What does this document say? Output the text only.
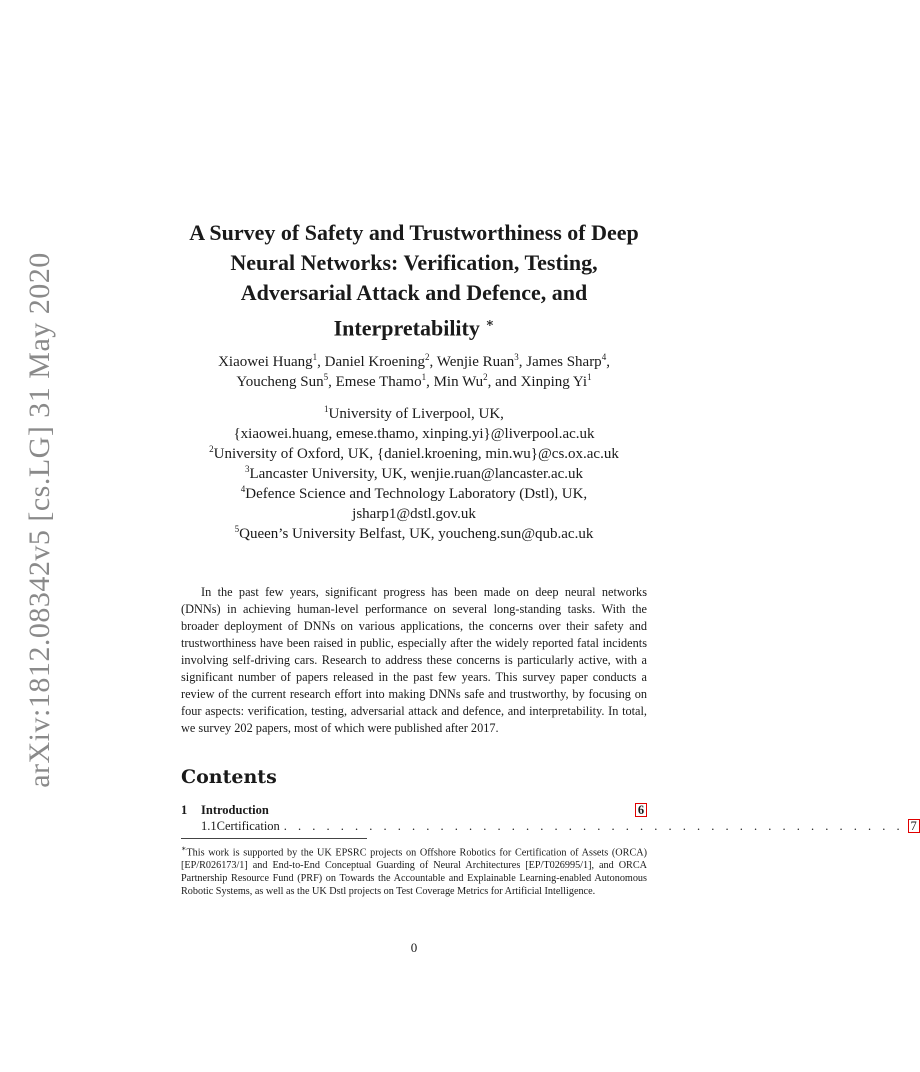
arXiv:1812.08342v5 [cs.LG] 31 May 2020
A Survey of Safety and Trustworthiness of Deep
Neural Networks: Verification, Testing,
Adversarial Attack and Defence, and
Interpretability ∗
Xiaowei Huang$^1$, Daniel Kroening$^2$, Wenjie Ruan$^3$, James Sharp$^4$,
Youcheng Sun$^5$, Emese Thamo$^1$, Min Wu$^2$, and Xinping Yi$^1$
$^1$University of Liverpool, UK,
{xiaowei.huang, emese.thamo, xinping.yi}@liverpool.ac.uk
$^2$University of Oxford, UK, {daniel.kroening, min.wu}@cs.ox.ac.uk
$^3$Lancaster University, UK, wenjie.ruan@lancaster.ac.uk
$^4$Defence Science and Technology Laboratory (Dstl), UK,
jsharp1@dstl.gov.uk
$^5$Queen’s University Belfast, UK, youcheng.sun@qub.ac.uk

In the past few years, significant progress has been made on deep neural networks (DNNs) in achieving human-level performance on several long-standing tasks. With the broader deployment of DNNs on various applications, the concerns over their safety and trustworthiness have been raised in public, especially after the widely reported fatal incidents involving self-driving cars. Research to address these concerns is particularly active, with a significant number of papers released in the past few years. This survey paper conducts a review of the current research effort into making DNNs safe and trustworthy, by focusing on four aspects: verification, testing, adversarial attack and defence, and interpretability. In total, we survey 202 papers, most of which were published after 2017.

Contents
1	Introduction	6
1.1 Certification . . . . . . . . . . . . . . . . . . . . . . . . . . . . . . . . . . . . . . . . . . . . 7

∗This work is supported by the UK EPSRC projects on Offshore Robotics for Certification of Assets (ORCA) [EP/R026173/1] and End-to-End Conceptual Guarding of Neural Architectures [EP/T026995/1], and ORCA Partnership Resource Fund (PRF) on Towards the Accountable and Explainable Learning-enabled Autonomous Robotic Systems, as well as the UK Dstl projects on Test Coverage Metrics for Artificial Intelligence.

0
